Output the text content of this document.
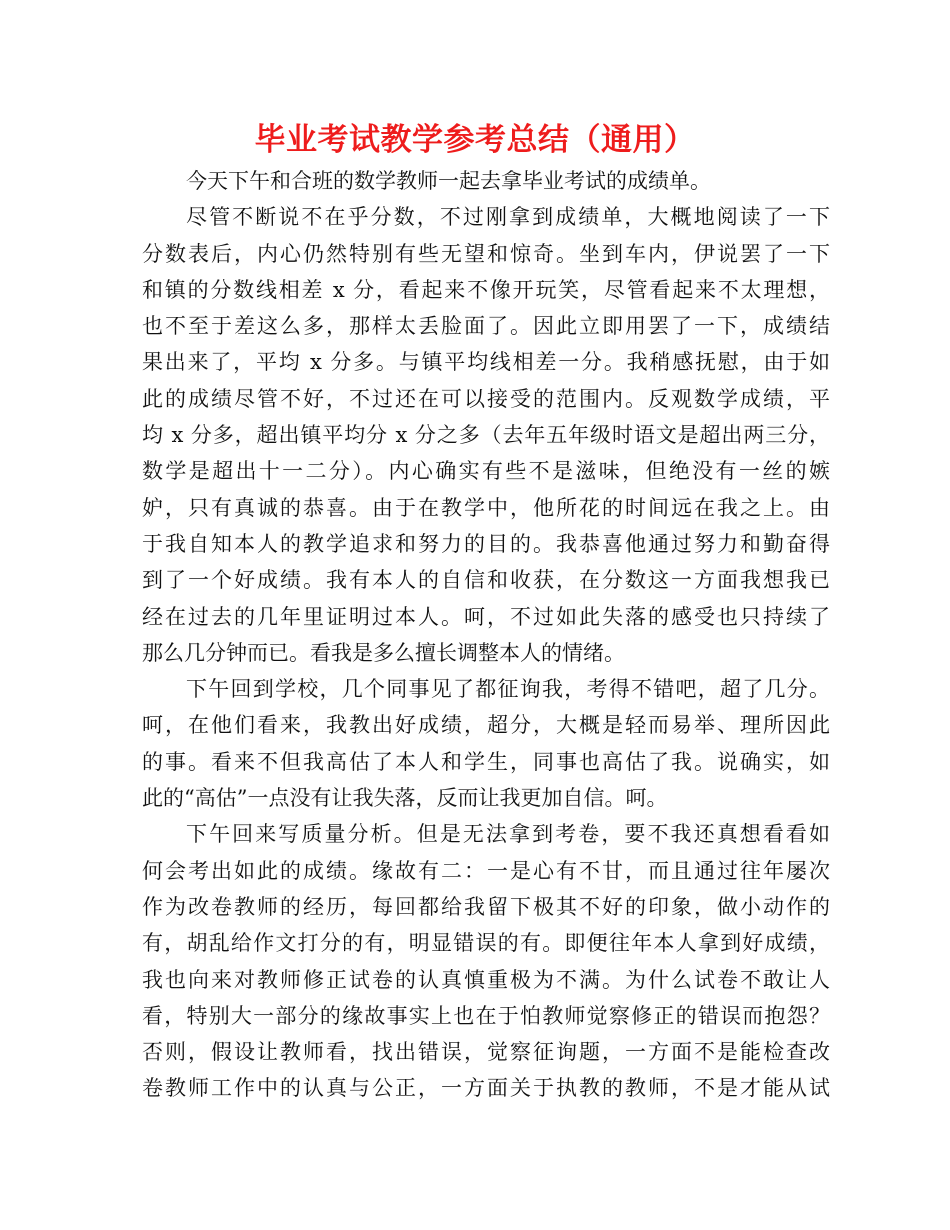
毕业考试教学参考总结（通用）
今天下午和合班的数学教师一起去拿毕业考试的成绩单。
尽管不断说不在乎分数，不过刚拿到成绩单，大概地阅读了一下
分数表后，内心仍然特别有些无望和惊奇。坐到车内，伊说罢了一下
和镇的分数线相差 x 分，看起来不像开玩笑，尽管看起来不太理想，
也不至于差这么多，那样太丢脸面了。因此立即用罢了一下，成绩结
果出来了，平均 x 分多。与镇平均线相差一分。我稍感抚慰，由于如
此的成绩尽管不好，不过还在可以接受的范围内。反观数学成绩，平
均 x 分多，超出镇平均分 x 分之多（去年五年级时语文是超出两三分，
数学是超出十一二分）。内心确实有些不是滋味，但绝没有一丝的嫉
妒，只有真诚的恭喜。由于在教学中，他所花的时间远在我之上。由
于我自知本人的教学追求和努力的目的。我恭喜他通过努力和勤奋得
到了一个好成绩。我有本人的自信和收获，在分数这一方面我想我已
经在过去的几年里证明过本人。呵，不过如此失落的感受也只持续了
那么几分钟而已。看我是多么擅长调整本人的情绪。
下午回到学校，几个同事见了都征询我，考得不错吧，超了几分。
呵，在他们看来，我教出好成绩，超分，大概是轻而易举、理所因此
的事。看来不但我高估了本人和学生，同事也高估了我。说确实，如
此的“高估”一点没有让我失落，反而让我更加自信。呵。
下午回来写质量分析。但是无法拿到考卷，要不我还真想看看如
何会考出如此的成绩。缘故有二：一是心有不甘，而且通过往年屡次
作为改卷教师的经历，每回都给我留下极其不好的印象，做小动作的
有，胡乱给作文打分的有，明显错误的有。即便往年本人拿到好成绩，
我也向来对教师修正试卷的认真慎重极为不满。为什么试卷不敢让人
看，特别大一部分的缘故事实上也在于怕教师觉察修正的错误而抱怨？
否则，假设让教师看，找出错误，觉察征询题，一方面不是能检查改
卷教师工作中的认真与公正，一方面关于执教的教师，不是才能从试
